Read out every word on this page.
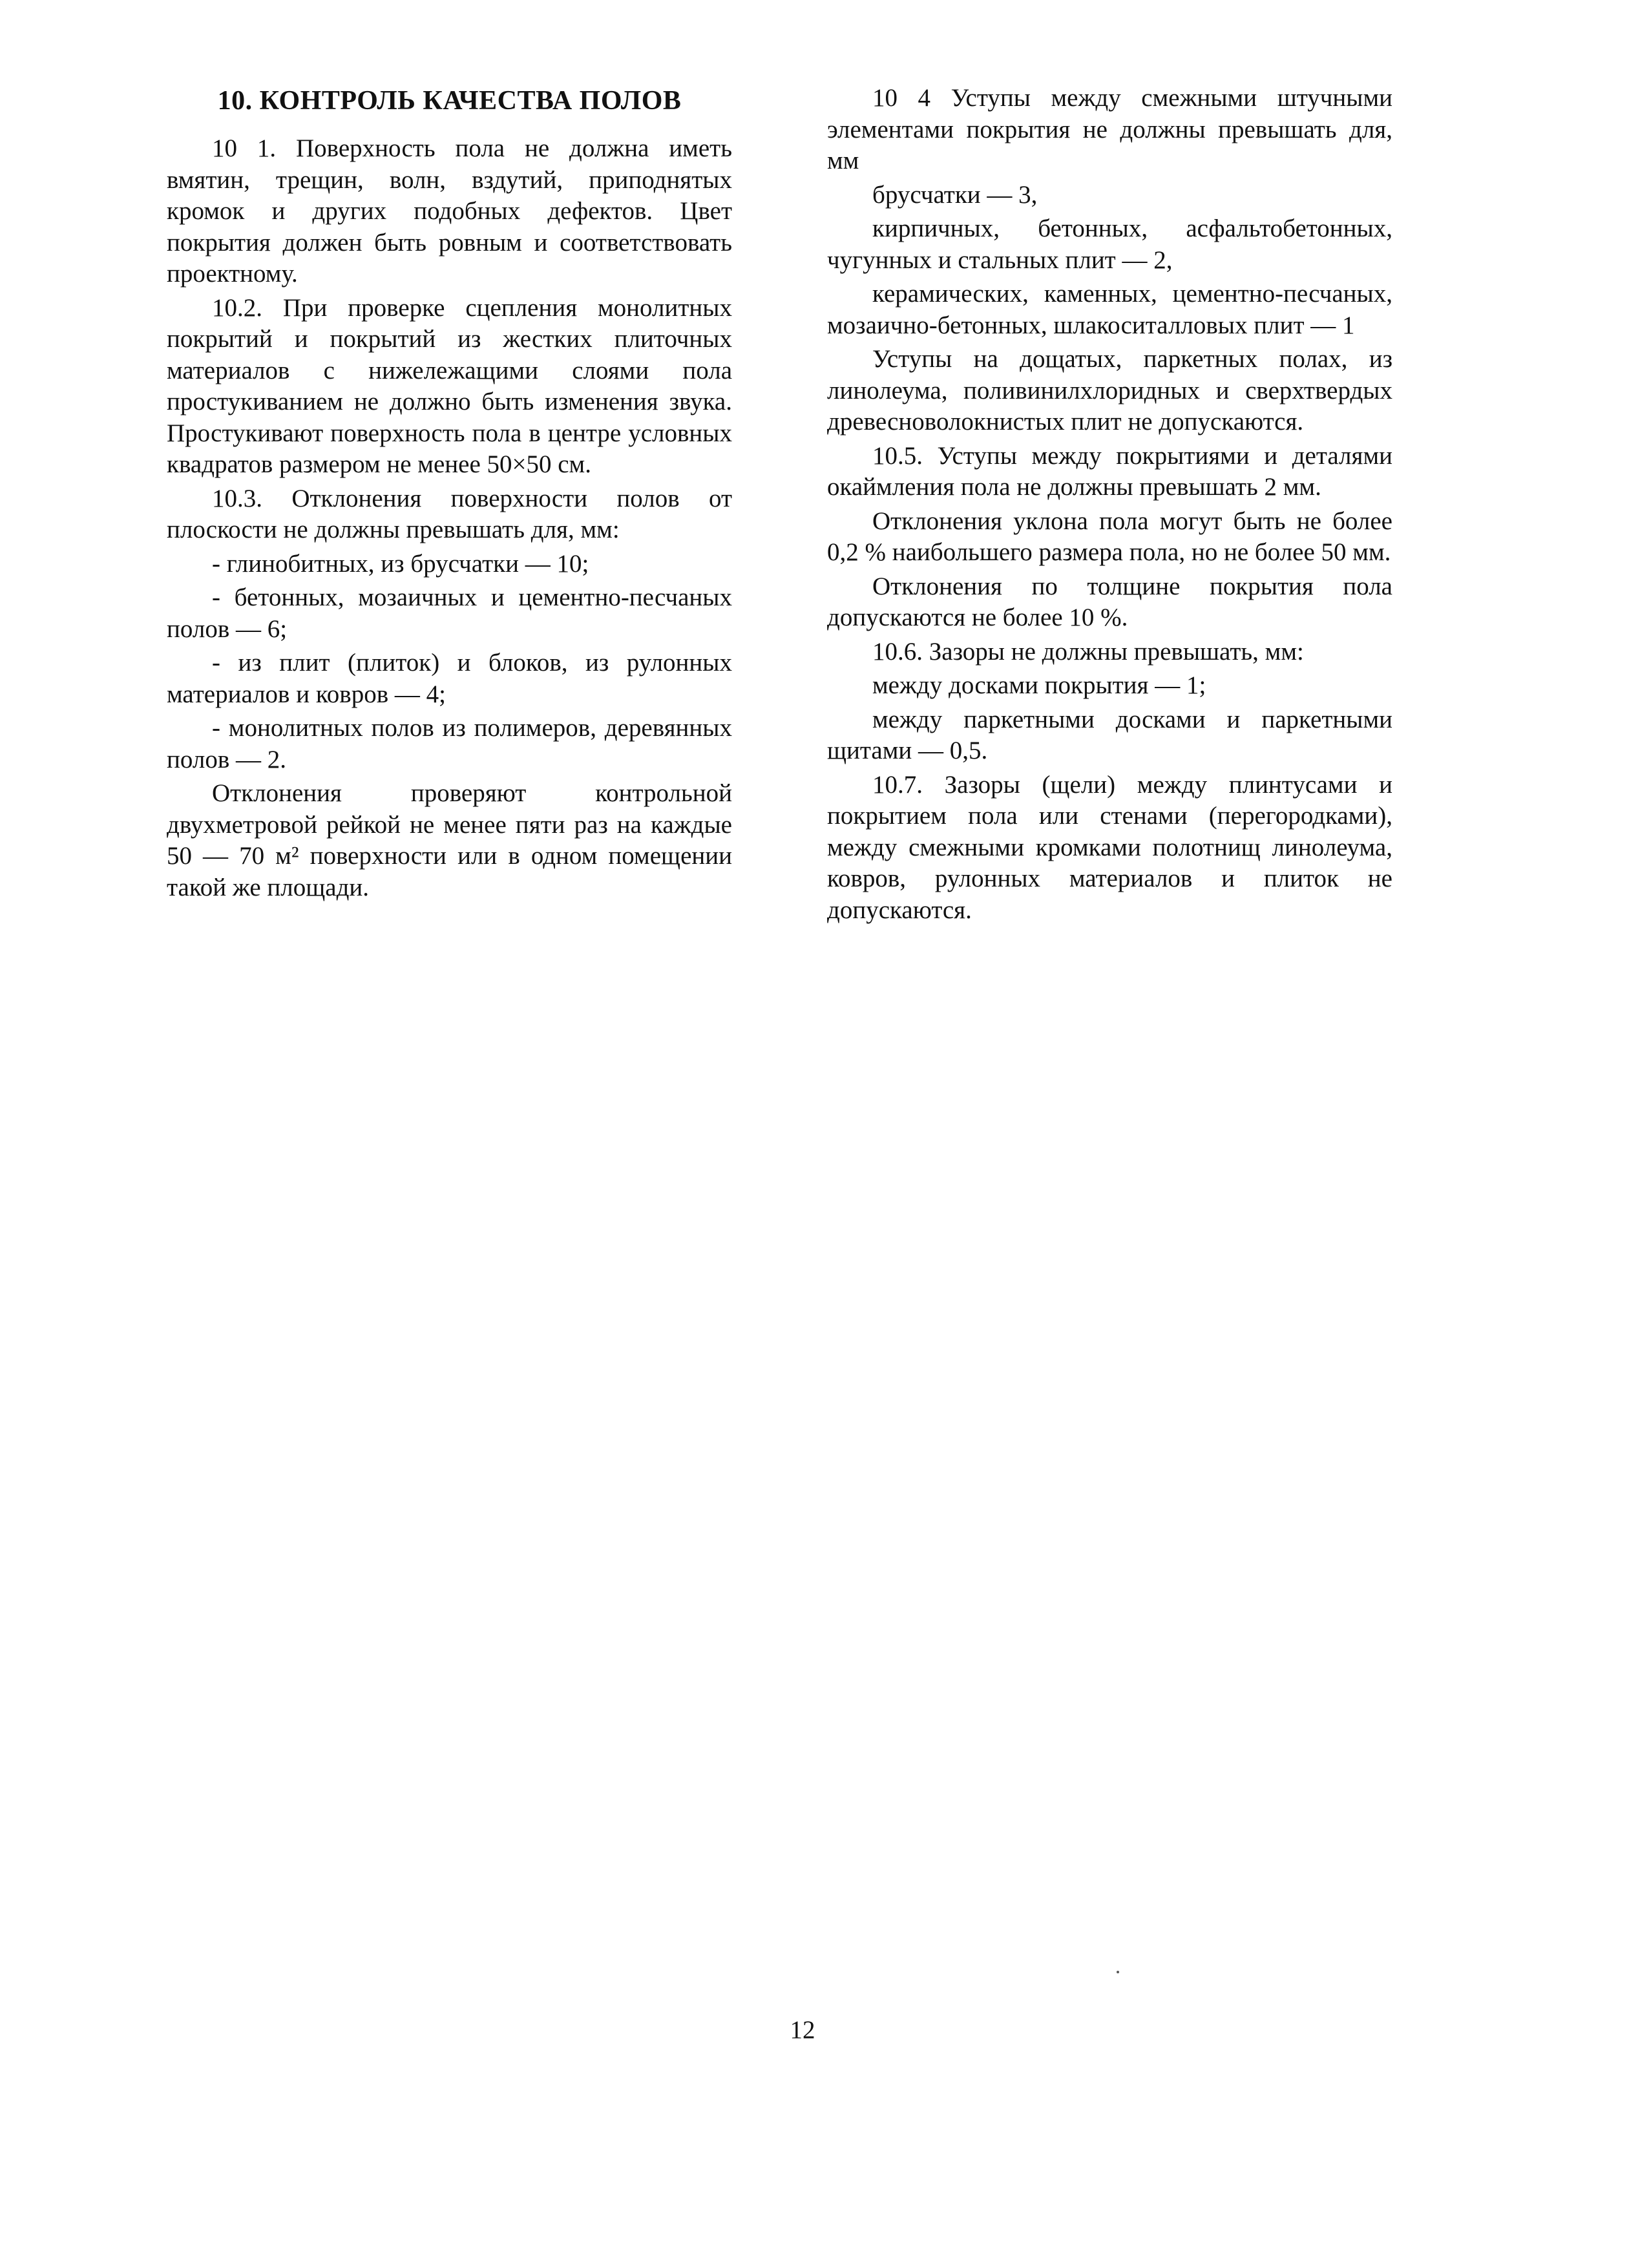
10. КОНТРОЛЬ КАЧЕСТВА ПОЛОВ

10 1. Поверхность пола не должна иметь вмятин, трещин, волн, вздутий, приподнятых кромок и других подобных дефектов. Цвет покрытия должен быть ровным и соответствовать проектному.

10.2. При проверке сцепления монолитных покрытий и покрытий из жестких плиточных материалов с нижележащими слоями пола простукиванием не должно быть изменения звука. Простукивают поверхность пола в центре условных квадратов размером не менее 50×50 см.

10.3. Отклонения поверхности полов от плоскости не должны превышать для, мм:

- глинобитных, из брусчатки — 10;

- бетонных, мозаичных и цементно-песчаных полов — 6;

- из плит (плиток) и блоков, из рулонных материалов и ковров — 4;

- монолитных полов из полимеров, деревянных полов — 2.

Отклонения проверяют контрольной двухметровой рейкой не менее пяти раз на каждые 50 — 70 м² поверхности или в одном помещении такой же площади.

10 4 Уступы между смежными штучными элементами покрытия не должны превышать для, мм

брусчатки — 3,

кирпичных, бетонных, асфальтобетонных, чугунных и стальных плит — 2,

керамических, каменных, цементно-песчаных, мозаично-бетонных, шлакоситалловых плит — 1

Уступы на дощатых, паркетных полах, из линолеума, поливинилхлоридных и сверхтвердых древесноволокнистых плит не допускаются.

10.5. Уступы между покрытиями и деталями окаймления пола не должны превышать 2 мм.

Отклонения уклона пола могут быть не более 0,2 % наибольшего размера пола, но не более 50 мм.

Отклонения по толщине покрытия пола допускаются не более 10 %.

10.6. Зазоры не должны превышать, мм:

между досками покрытия — 1;

между паркетными досками и паркетными щитами — 0,5.

10.7. Зазоры (щели) между плинтусами и покрытием пола или стенами (перегородками), между смежными кромками полотнищ линолеума, ковров, рулонных материалов и плиток не допускаются.

12
